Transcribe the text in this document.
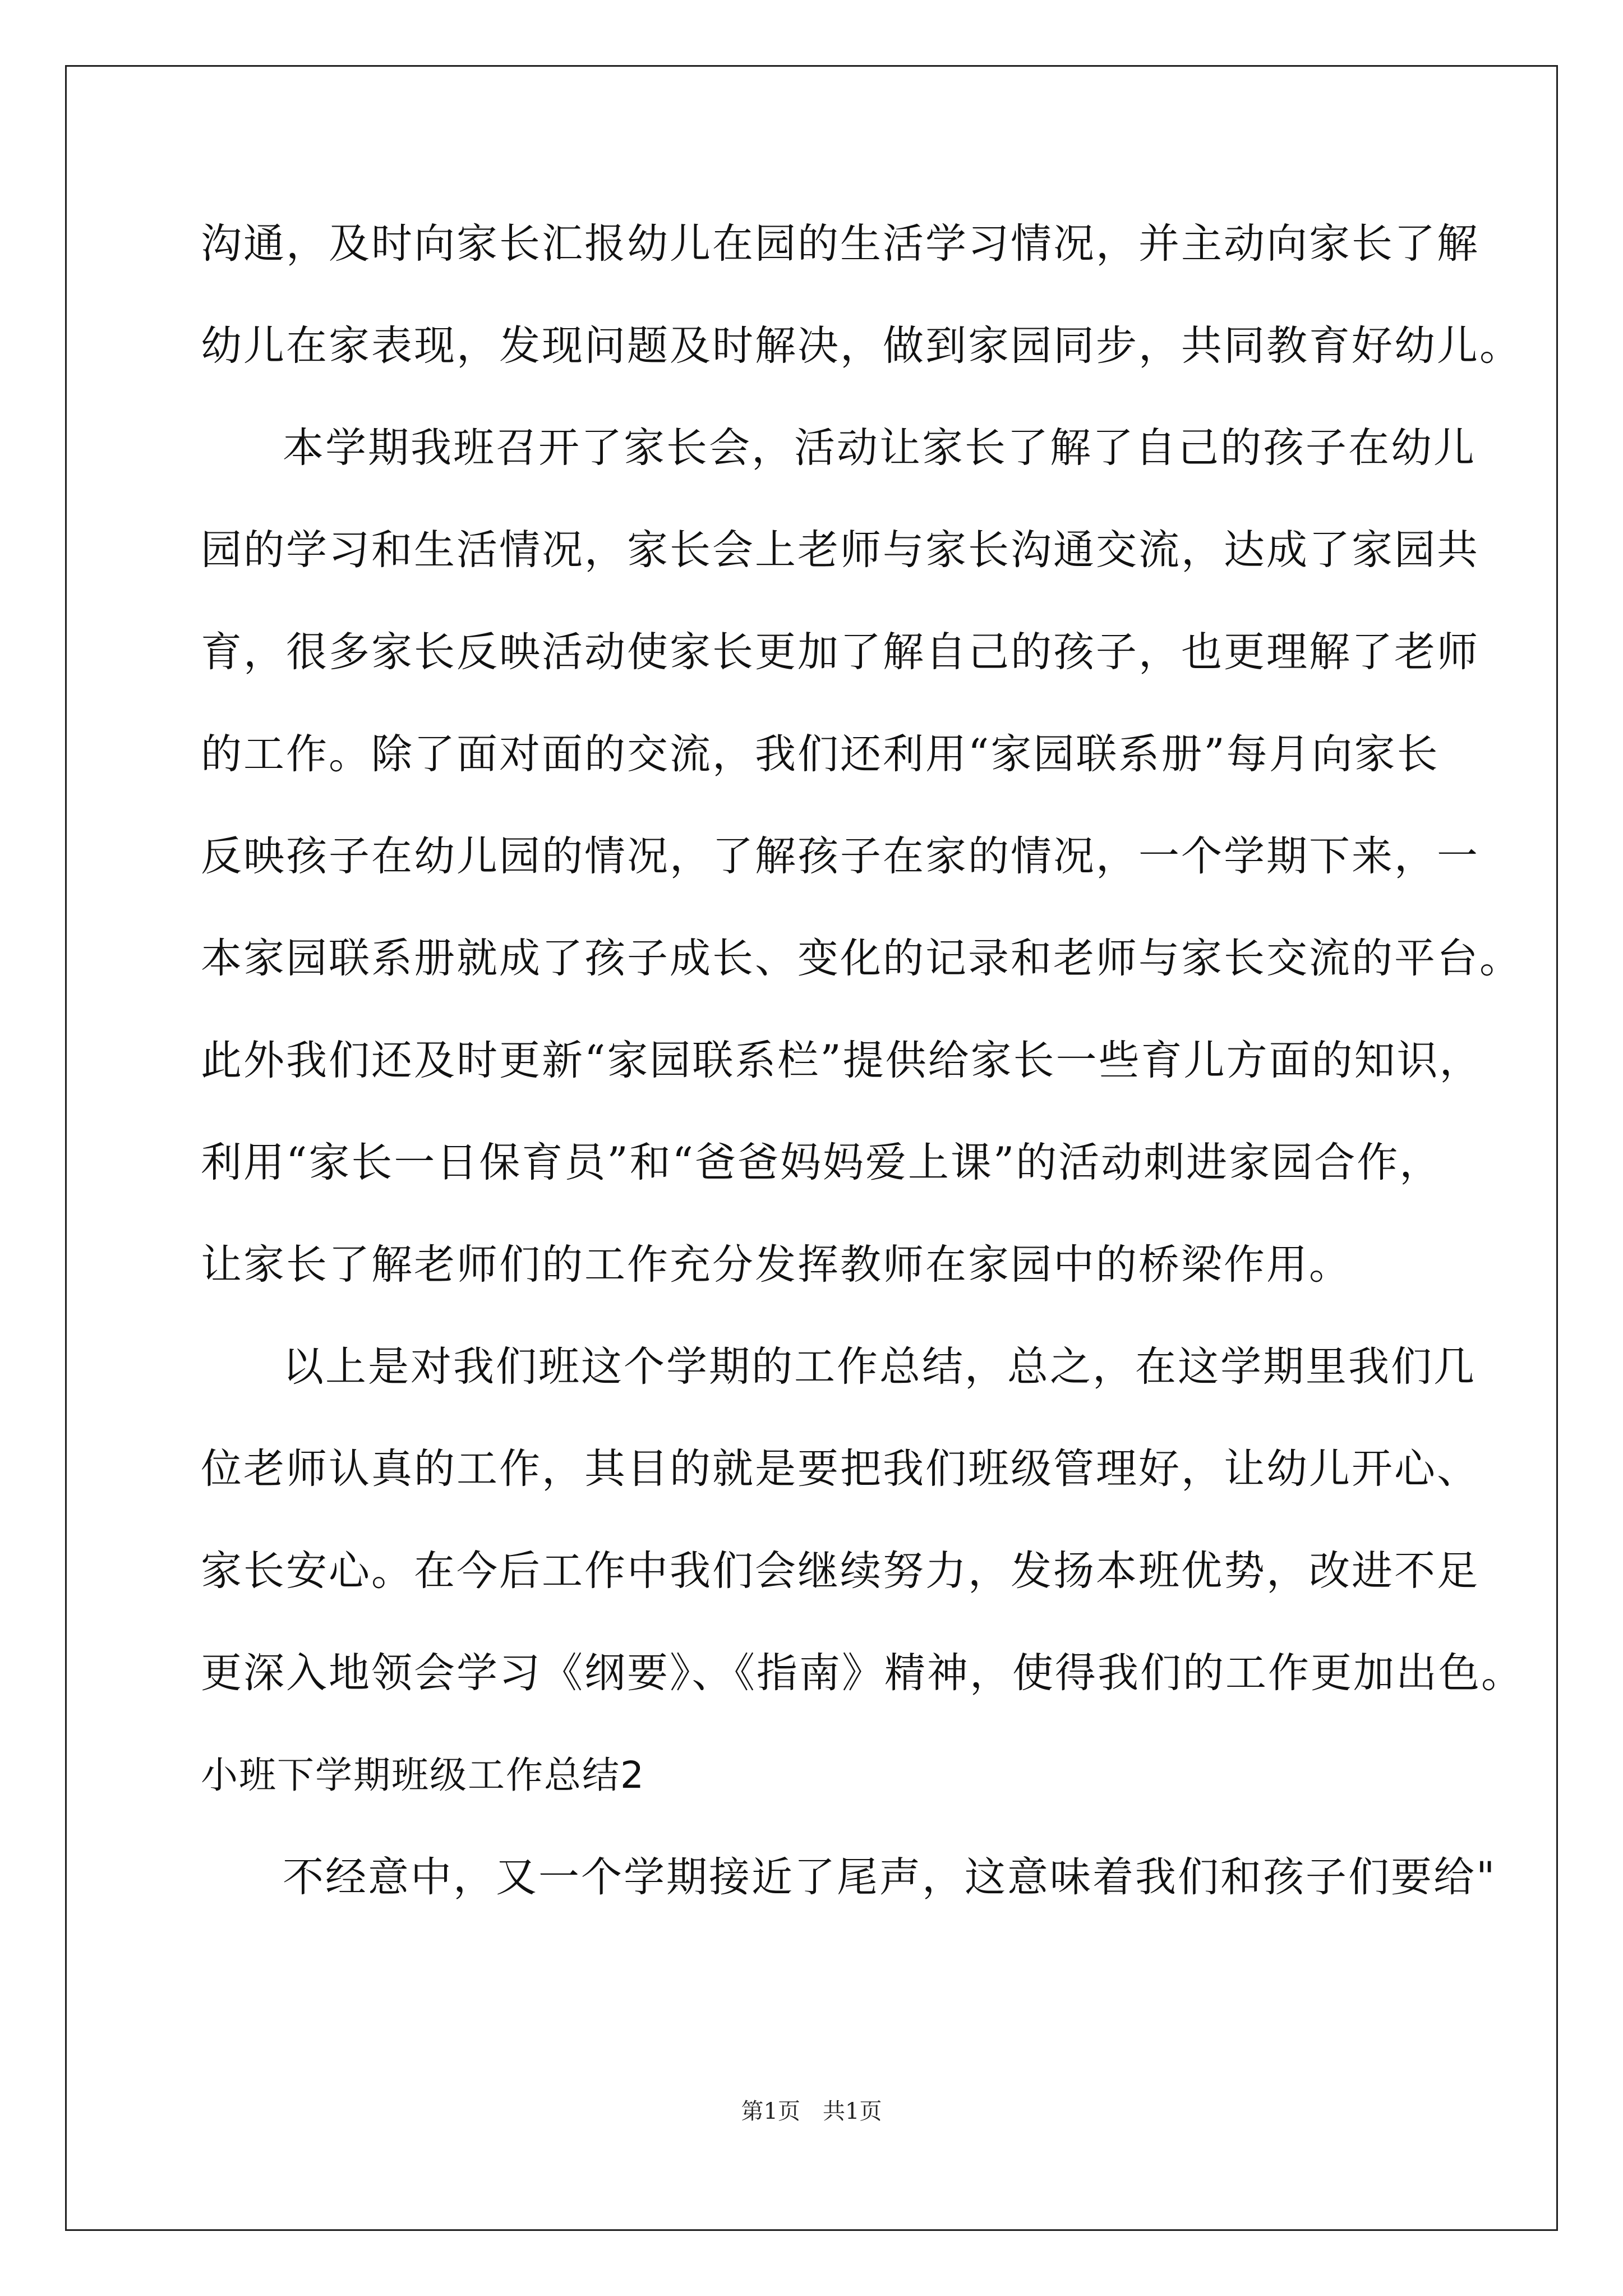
沟通，及时向家长汇报幼儿在园的生活学习情况，并主动向家长了解
幼儿在家表现，发现问题及时解决，做到家园同步，共同教育好幼儿。
本学期我班召开了家长会，活动让家长了解了自己的孩子在幼儿
园的学习和生活情况，家长会上老师与家长沟通交流，达成了家园共
育，很多家长反映活动使家长更加了解自己的孩子，也更理解了老师
的工作。除了面对面的交流，我们还利用“家园联系册”每月向家长
反映孩子在幼儿园的情况，了解孩子在家的情况，一个学期下来，一
本家园联系册就成了孩子成长、变化的记录和老师与家长交流的平台。
此外我们还及时更新“家园联系栏”提供给家长一些育儿方面的知识，
利用“家长一日保育员”和“爸爸妈妈爱上课”的活动刺进家园合作，
让家长了解老师们的工作充分发挥教师在家园中的桥梁作用。
以上是对我们班这个学期的工作总结，总之，在这学期里我们几
位老师认真的工作，其目的就是要把我们班级管理好，让幼儿开心、
家长安心。在今后工作中我们会继续努力，发扬本班优势，改进不足
更深入地领会学习《纲要》、《指南》精神，使得我们的工作更加出色。
小班下学期班级工作总结2
不经意中，又一个学期接近了尾声，这意味着我们和孩子们要给"
第1页　共1页
